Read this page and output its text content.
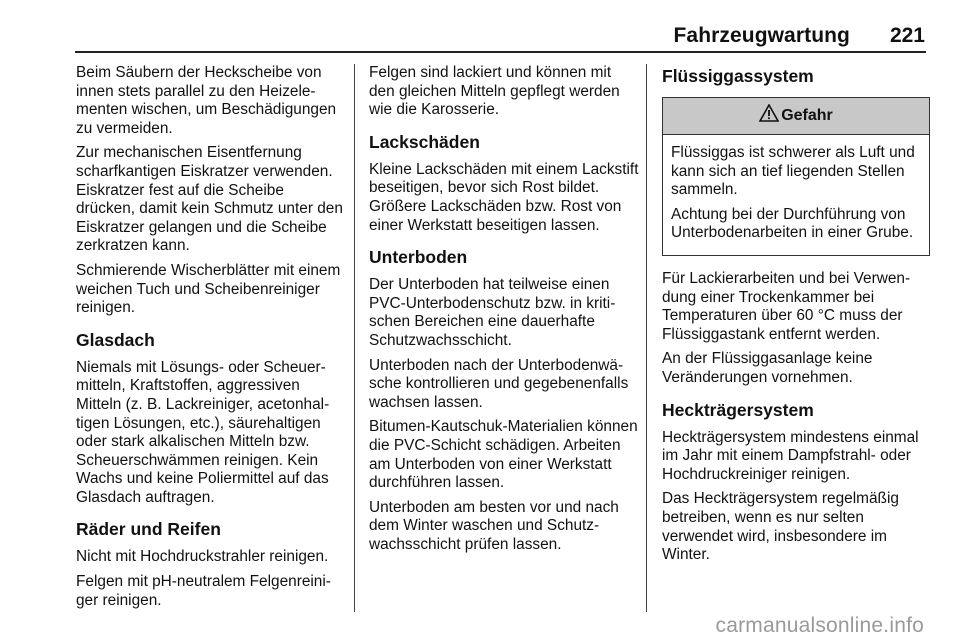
Fahrzeugwartung 221

Beim Säubern der Heckscheibe von innen stets parallel zu den Heizelementen wischen, um Beschädigungen zu vermeiden.

Zur mechanischen Eisentfernung scharfkantigen Eiskratzer verwenden. Eiskratzer fest auf die Scheibe drücken, damit kein Schmutz unter den Eiskratzer gelangen und die Scheibe zerkratzen kann.

Schmierende Wischerblätter mit einem weichen Tuch und Scheibenreiniger reinigen.

Glasdach

Niemals mit Lösungs- oder Scheuermitteln, Kraftstoffen, aggressiven Mitteln (z. B. Lackreiniger, acetonhaltigen Lösungen, etc.), säurehaltigen oder stark alkalischen Mitteln bzw. Scheuerschwämmen reinigen. Kein Wachs und keine Poliermittel auf das Glasdach auftragen.

Räder und Reifen

Nicht mit Hochdruckstrahler reinigen.

Felgen mit pH-neutralem Felgenreiniger reinigen.

Felgen sind lackiert und können mit den gleichen Mitteln gepflegt werden wie die Karosserie.

Lackschäden

Kleine Lackschäden mit einem Lackstift beseitigen, bevor sich Rost bildet. Größere Lackschäden bzw. Rost von einer Werkstatt beseitigen lassen.

Unterboden

Der Unterboden hat teilweise einen PVC-Unterbodenschutz bzw. in kritischen Bereichen eine dauerhafte Schutzwachsschicht.

Unterboden nach der Unterbodenwäsche kontrollieren und gegebenenfalls wachsen lassen.

Bitumen-Kautschuk-Materialien können die PVC-Schicht schädigen. Arbeiten am Unterboden von einer Werkstatt durchführen lassen.

Unterboden am besten vor und nach dem Winter waschen und Schutzwachsschicht prüfen lassen.

Flüssiggassystem
Gefahr

Flüssiggas ist schwerer als Luft und kann sich an tief liegenden Stellen sammeln.

Achtung bei der Durchführung von Unterbodenarbeiten in einer Grube.

Für Lackierarbeiten und bei Verwendung einer Trockenkammer bei Temperaturen über 60 °C muss der Flüssiggastank entfernt werden.

An der Flüssiggasanlage keine Veränderungen vornehmen.

Heckträgersystem

Heckträgersystem mindestens einmal im Jahr mit einem Dampfstrahl- oder Hochdruckreiniger reinigen.

Das Heckträgersystem regelmäßig betreiben, wenn es nur selten verwendet wird, insbesondere im Winter.

carmanualsonline.info
